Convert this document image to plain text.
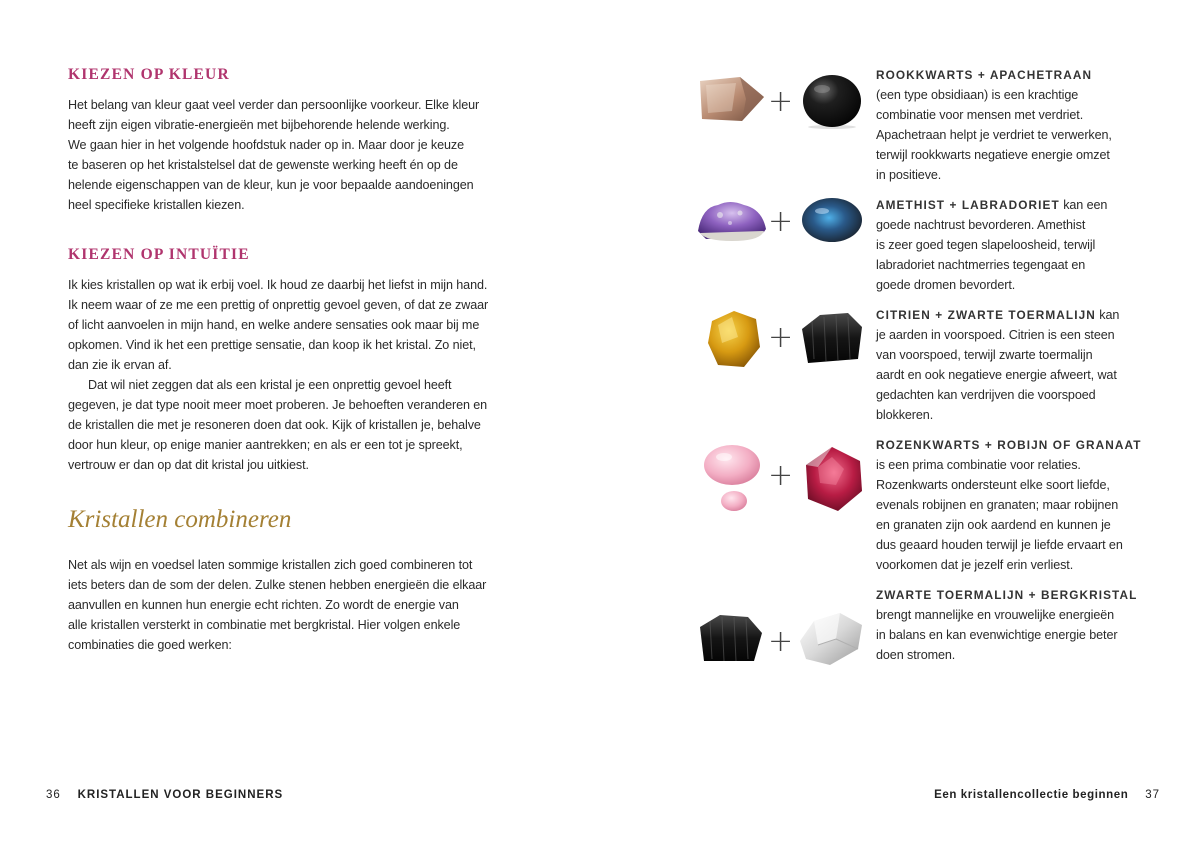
KIEZEN OP KLEUR
Het belang van kleur gaat veel verder dan persoonlijke voorkeur. Elke kleur
heeft zijn eigen vibratie-energieën met bijbehorende helende werking.
We gaan hier in het volgende hoofdstuk nader op in. Maar door je keuze
te baseren op het kristalstelsel dat de gewenste werking heeft én op de
helende eigenschappen van de kleur, kun je voor bepaalde aandoeningen
heel specifieke kristallen kiezen.
KIEZEN OP INTUÏTIE
Ik kies kristallen op wat ik erbij voel. Ik houd ze daarbij het liefst in mijn hand.
Ik neem waar of ze me een prettig of onprettig gevoel geven, of dat ze zwaar
of licht aanvoelen in mijn hand, en welke andere sensaties ook maar bij me
opkomen. Vind ik het een prettige sensatie, dan koop ik het kristal. Zo niet,
dan zie ik ervan af.
Dat wil niet zeggen dat als een kristal je een onprettig gevoel heeft
gegeven, je dat type nooit meer moet proberen. Je behoeften veranderen en
de kristallen die met je resoneren doen dat ook. Kijk of kristallen je, behalve
door hun kleur, op enige manier aantrekken; en als er een tot je spreekt,
vertrouw er dan op dat dit kristal jou uitkiest.
Kristallen combineren
Net als wijn en voedsel laten sommige kristallen zich goed combineren tot
iets beters dan de som der delen. Zulke stenen hebben energieën die elkaar
aanvullen en kunnen hun energie echt richten. Zo wordt de energie van
alle kristallen versterkt in combinatie met bergkristal. Hier volgen enkele
combinaties die goed werken:
36 KRISTALLEN VOOR BEGINNERS
+
ROOKKWARTS + APACHETRAAN
(een type obsidiaan) is een krachtige
combinatie voor mensen met verdriet.
Apachetraan helpt je verdriet te verwerken,
terwijl rookkwarts negatieve energie omzet
in positieve.
+	AMETHIST + LABRADORIET kan een
goede nachtrust bevorderen. Amethist
is zeer goed tegen slapeloosheid, terwijl
labradoriet nachtmerries tegengaat en
goede dromen bevordert.
+
CITRIEN + ZWARTE TOERMALIJN kan
je aarden in voorspoed. Citrien is een steen
van voorspoed, terwijl zwarte toermalijn
aardt en ook negatieve energie afweert, wat
gedachten kan verdrijven die voorspoed
blokkeren.
+
ROZENKWARTS + ROBIJN OF GRANAAT
is een prima combinatie voor relaties.
Rozenkwarts ondersteunt elke soort liefde,
evenals robijnen en granaten; maar robijnen
en granaten zijn ook aardend en kunnen je
dus geaard houden terwijl je liefde ervaart en
voorkomen dat je jezelf erin verliest.
+
ZWARTE TOERMALIJN + BERGKRISTAL
brengt mannelijke en vrouwelijke energieën
in balans en kan evenwichtige energie beter
doen stromen.
Een kristallencollectie beginnen 37
